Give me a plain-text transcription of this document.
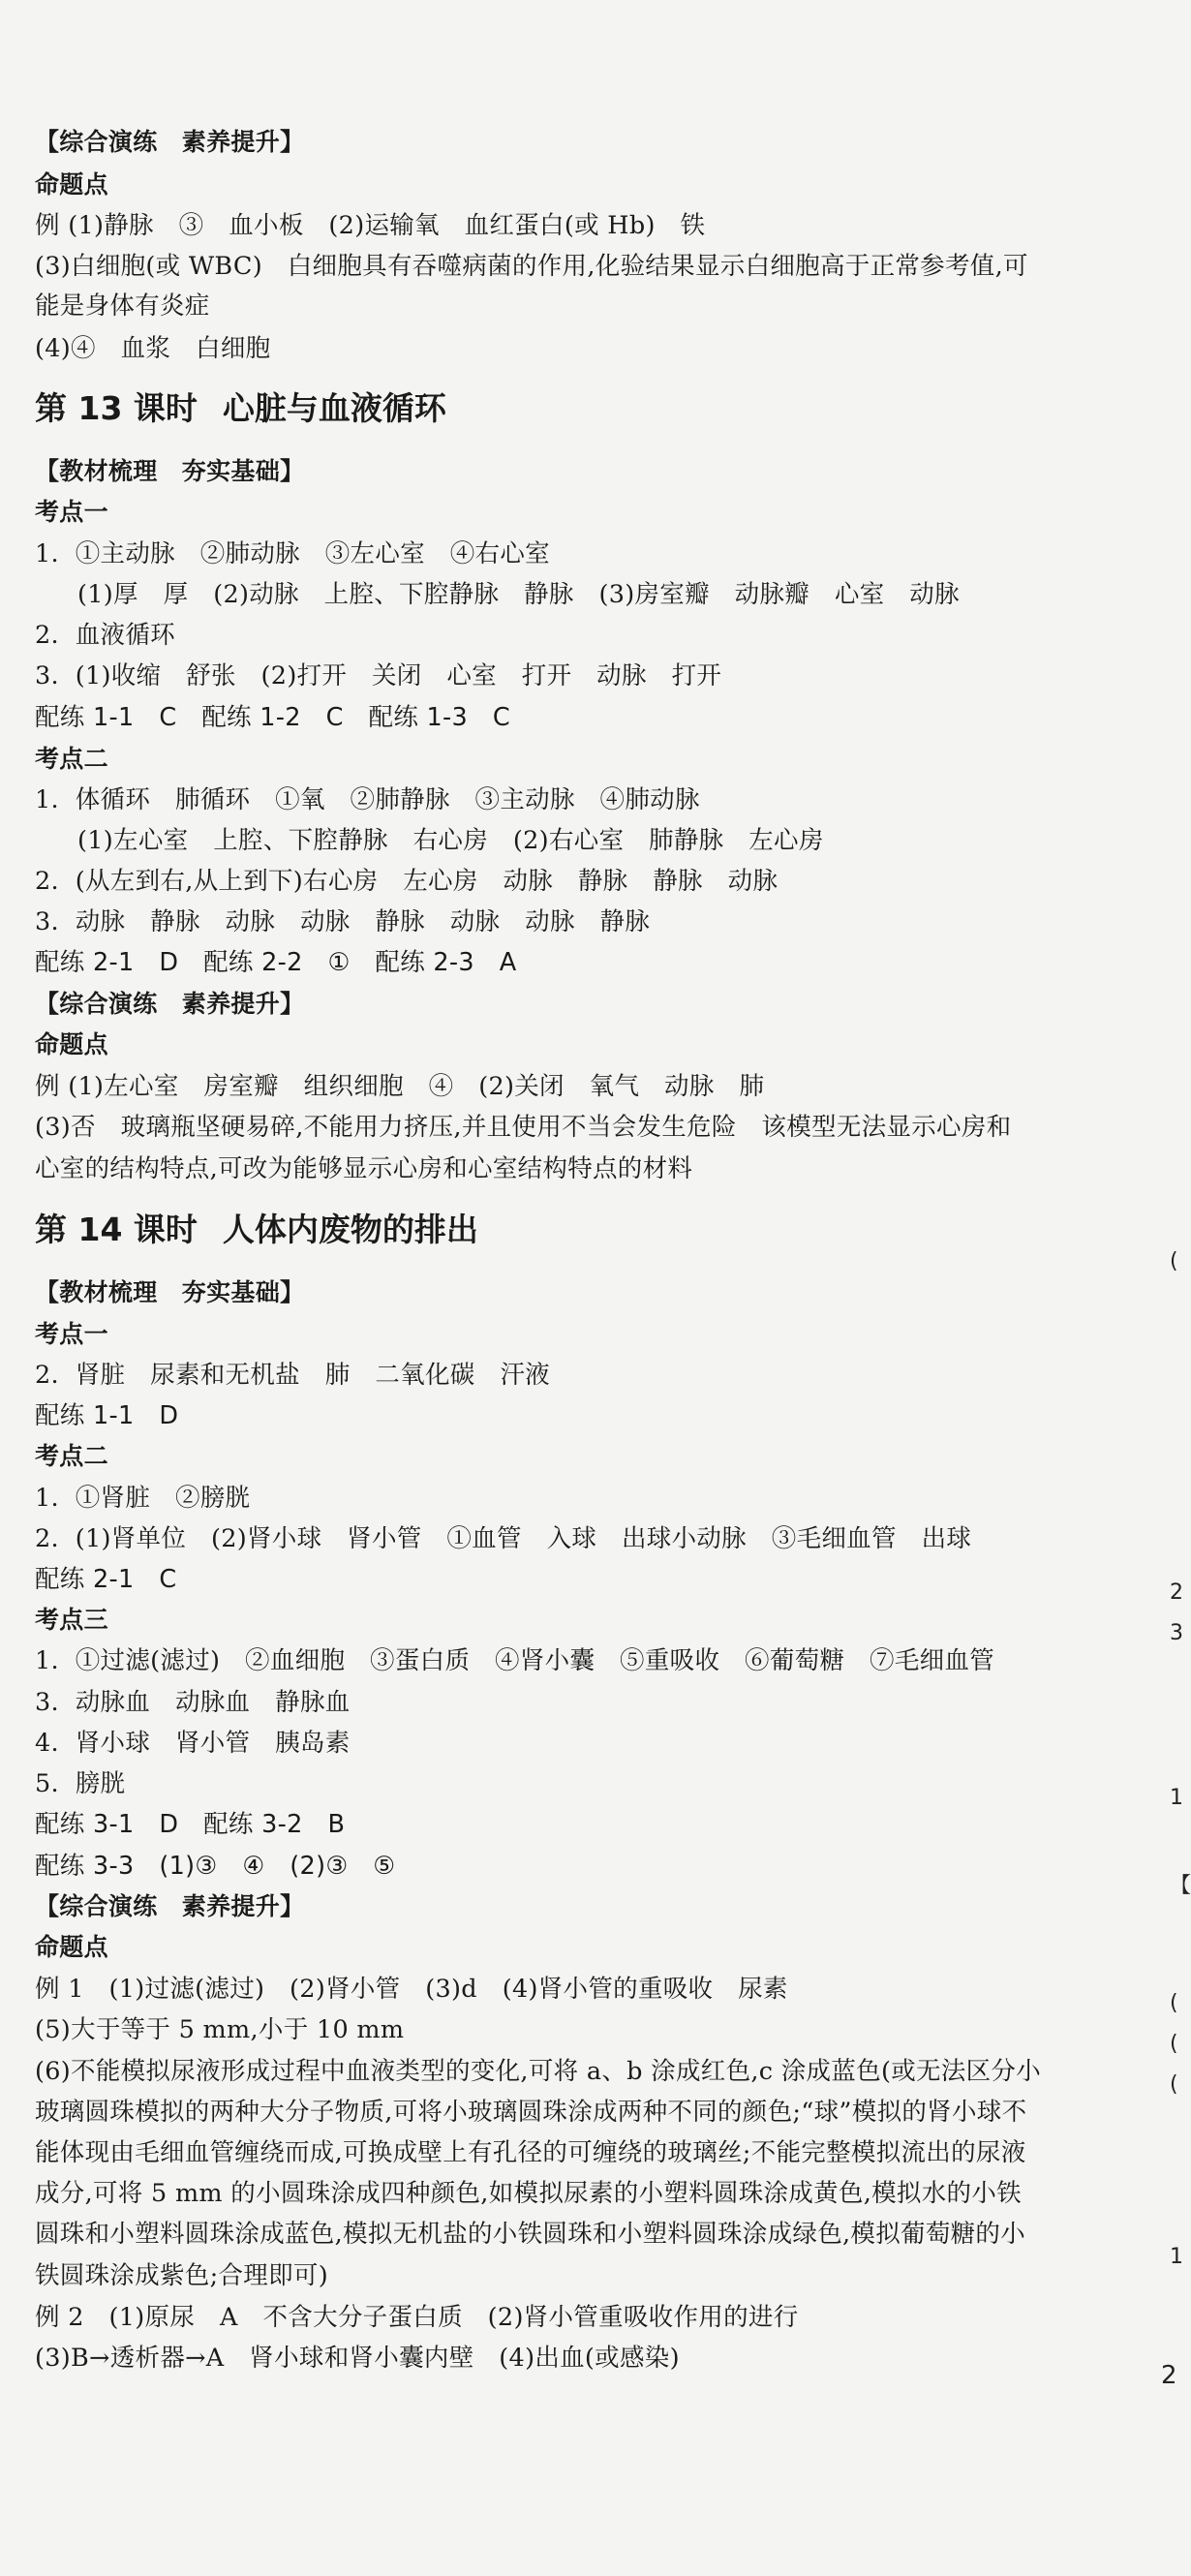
【综合演练　素养提升】
命题点
例 (1)静脉　③　血小板　(2)运输氧　血红蛋白(或 Hb)　铁
(3)白细胞(或 WBC)　白细胞具有吞噬病菌的作用,化验结果显示白细胞高于正常参考值,可
能是身体有炎症
(4)④　血浆　白细胞
第 13 课时 心脏与血液循环
【教材梳理　夯实基础】
考点一
1.  ①主动脉　②肺动脉　③左心室　④右心室
(1)厚　厚　(2)动脉　上腔、下腔静脉　静脉　(3)房室瓣　动脉瓣　心室　动脉
2.  血液循环
3.  (1)收缩　舒张　(2)打开　关闭　心室　打开　动脉　打开
配练 1-1　C　配练 1-2　C　配练 1-3　C
考点二
1.  体循环　肺循环　①氧　②肺静脉　③主动脉　④肺动脉
(1)左心室　上腔、下腔静脉　右心房　(2)右心室　肺静脉　左心房
2.  (从左到右,从上到下)右心房　左心房　动脉　静脉　静脉　动脉
3.  动脉　静脉　动脉　动脉　静脉　动脉　动脉　静脉
配练 2-1　D　配练 2-2　①　配练 2-3　A
【综合演练　素养提升】
命题点
例 (1)左心室　房室瓣　组织细胞　④　(2)关闭　氧气　动脉　肺
(3)否　玻璃瓶坚硬易碎,不能用力挤压,并且使用不当会发生危险　该模型无法显示心房和
心室的结构特点,可改为能够显示心房和心室结构特点的材料
第 14 课时 人体内废物的排出
【教材梳理　夯实基础】
考点一
2.  肾脏　尿素和无机盐　肺　二氧化碳　汗液
配练 1-1　D
考点二
1.  ①肾脏　②膀胱
2.  (1)肾单位　(2)肾小球　肾小管　①血管　入球　出球小动脉　③毛细血管　出球
配练 2-1　C
考点三
1.  ①过滤(滤过)　②血细胞　③蛋白质　④肾小囊　⑤重吸收　⑥葡萄糖　⑦毛细血管
3.  动脉血　动脉血　静脉血
4.  肾小球　肾小管　胰岛素
5.  膀胱
配练 3-1　D　配练 3-2　B
配练 3-3　(1)③　④　(2)③　⑤
【综合演练　素养提升】
命题点
例 1　(1)过滤(滤过)　(2)肾小管　(3)d　(4)肾小管的重吸收　尿素
(5)大于等于 5 mm,小于 10 mm
(6)不能模拟尿液形成过程中血液类型的变化,可将 a、b 涂成红色,c 涂成蓝色(或无法区分小
玻璃圆珠模拟的两种大分子物质,可将小玻璃圆珠涂成两种不同的颜色;“球”模拟的肾小球不
能体现由毛细血管缠绕而成,可换成壁上有孔径的可缠绕的玻璃丝;不能完整模拟流出的尿液
成分,可将 5 mm 的小圆珠涂成四种颜色,如模拟尿素的小塑料圆珠涂成黄色,模拟水的小铁
圆珠和小塑料圆珠涂成蓝色,模拟无机盐的小铁圆珠和小塑料圆珠涂成绿色,模拟葡萄糖的小
铁圆珠涂成紫色;合理即可)
例 2　(1)原尿　A　不含大分子蛋白质　(2)肾小管重吸收作用的进行
(3)B→透析器→A　肾小球和肾小囊内壁　(4)出血(或感染)
(
2
3
1
【
(
(
(
1
2
